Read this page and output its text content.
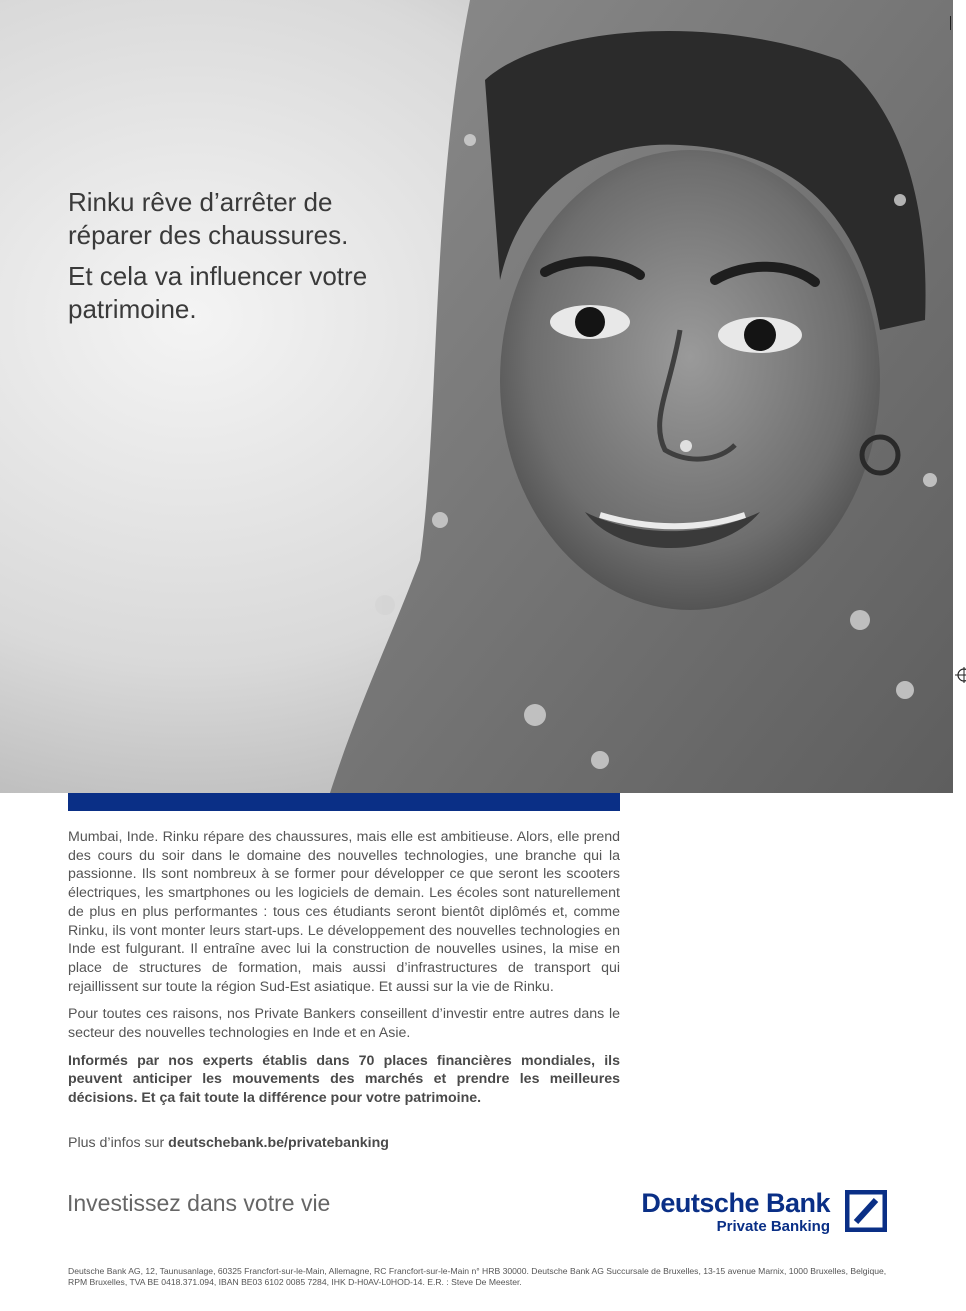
Rinku rêve d’arrêter de réparer des chaussures.

Et cela va influencer votre patrimoine.

Mumbai, Inde. Rinku répare des chaussures, mais elle est ambitieuse. Alors, elle prend des cours du soir dans le domaine des nouvelles technologies, une branche qui la passionne. Ils sont nombreux à se former pour développer ce que seront les scooters électriques, les smartphones ou les logiciels de demain. Les écoles sont naturellement de plus en plus performantes : tous ces étudiants seront bientôt diplômés et, comme Rinku, ils vont monter leurs start-ups. Le développement des nouvelles technologies en Inde est fulgurant. Il entraîne avec lui la construction de nouvelles usines, la mise en place de structures de formation, mais aussi d’infrastructures de transport qui rejaillissent sur toute la région Sud-Est asiatique. Et aussi sur la vie de Rinku.

Pour toutes ces raisons, nos Private Bankers conseillent d’investir entre autres dans le secteur des nouvelles technologies en Inde et en Asie.

Informés par nos experts établis dans 70 places financières mondiales, ils peuvent anticiper les mouvements des marchés et prendre les meilleures décisions. Et ça fait toute la différence pour votre patrimoine.

Plus d’infos sur deutschebank.be/privatebanking
Investissez dans votre vie	Deutsche Bank
Private Banking
Deutsche Bank AG, 12, Taunusanlage, 60325 Francfort-sur-le-Main, Allemagne, RC Francfort-sur-le-Main n° HRB 30000. Deutsche Bank AG Succursale de Bruxelles, 13-15 avenue Marnix, 1000 Bruxelles, Belgique, RPM Bruxelles, TVA BE 0418.371.094, IBAN BE03 6102 0085 7284, IHK D-H0AV-L0HOD-14. E.R. : Steve De Meester.
